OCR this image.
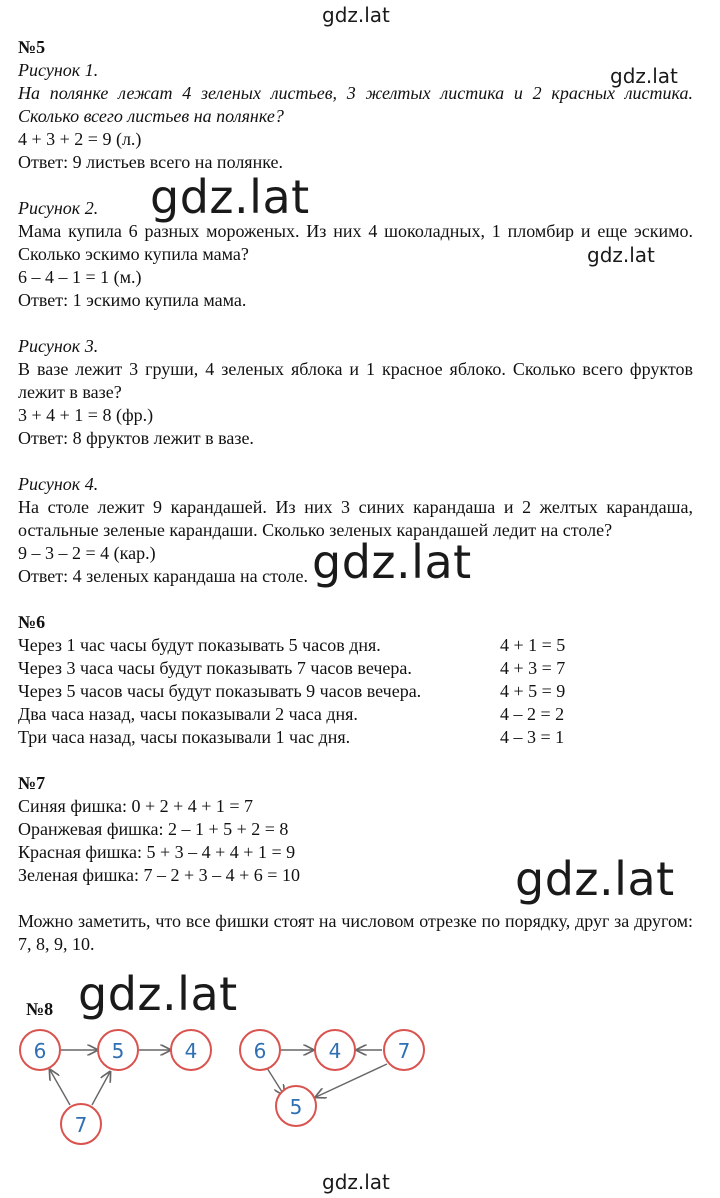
gdz.lat
gdz.lat
gdz.lat
gdz.lat
gdz.lat
gdz.lat
gdz.lat
gdz.lat
№5
Рисунок 1.
На полянке лежат 4 зеленых листьев, 3 желтых листика и 2 красных листика. Сколько всего листьев на полянке?
4 + 3 + 2 = 9 (л.)
Ответ: 9 листьев всего на полянке.
Рисунок 2.
Мама купила 6 разных мороженых. Из них 4 шоколадных, 1 пломбир и еще эскимо. Сколько эскимо купила мама?
6 – 4 – 1 = 1 (м.)
Ответ: 1 эскимо купила мама.
Рисунок 3.
В вазе лежит 3 груши, 4 зеленых яблока и 1 красное яблоко. Сколько всего фруктов лежит в вазе?
3 + 4 + 1 = 8 (фр.)
Ответ: 8 фруктов лежит в вазе.
Рисунок 4.
На столе лежит 9 карандашей. Из них 3 синих карандаша и 2 желтых карандаша, остальные зеленые карандаши. Сколько зеленых карандашей ледит на столе?
9 – 3 – 2 = 4 (кар.)
Ответ: 4 зеленых карандаша на столе.
№6
Через 1 час часы будут показывать 5 часов дня.	4 + 1 = 5
Через 3 часа часы будут показывать 7 часов вечера.	4 + 3 = 7
Через 5 часов часы будут показывать 9 часов вечера.	4 + 5 = 9
Два часа назад, часы показывали 2 часа дня.	4 – 2 = 2
Три часа назад, часы показывали 1 час дня.	4 – 3 = 1
№7
Синяя фишка: 0 + 2 + 4 + 1 = 7
Оранжевая фишка: 2 – 1 + 5 + 2 = 8
Красная фишка: 5 + 3 – 4 + 4 + 1 = 9
Зеленая фишка: 7 – 2 + 3 – 4 + 6 = 10
Можно заметить, что все фишки стоят на числовом отрезке по порядку, друг за другом: 7, 8, 9, 10.
№8
6	5	4
7
6	4	7
5
